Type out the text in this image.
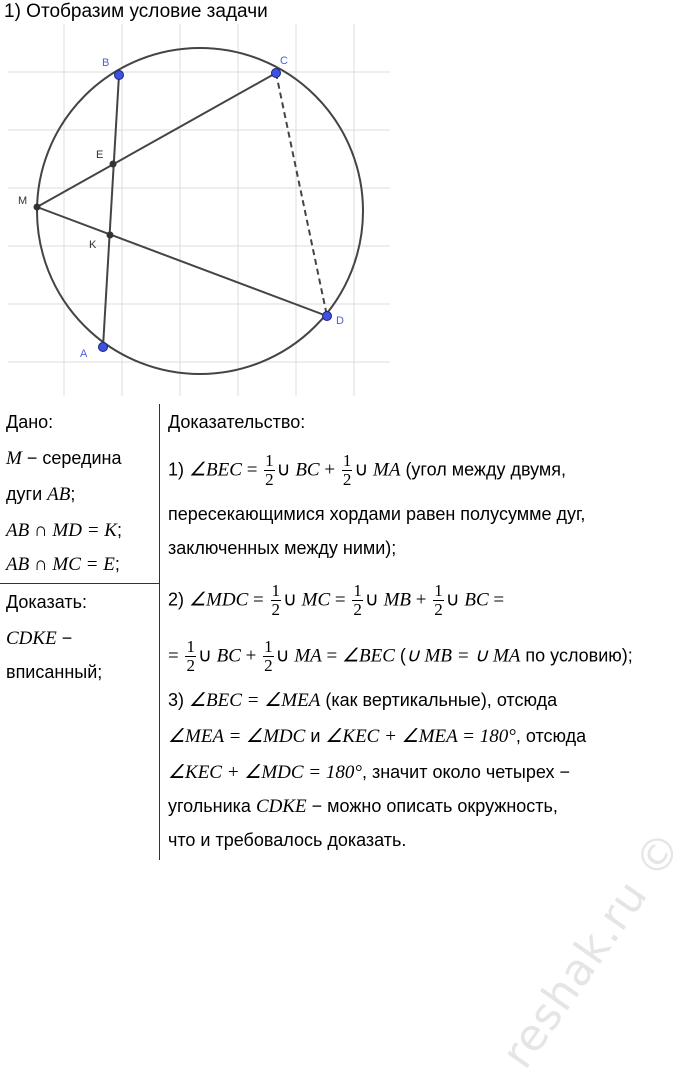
1) Отобразим условие задачи
B	C
D
A
M
E
K
Дано:
M − середина
дуги AB;
AB ∩ MD = K;
AB ∩ MC = E;
Доказать:
CDKE −
вписанный;
Доказательство:
1) ∠BEC = $\frac{1}{2}$ ∪ BC + $\frac{1}{2}$ ∪ MA (угол между двумя,
пересекающимися хордами равен полусумме дуг,
заключенных между ними);
2) ∠MDC = $\frac{1}{2}$ ∪ MC = $\frac{1}{2}$ ∪ MB + $\frac{1}{2}$ ∪ BC =
= $\frac{1}{2}$ ∪ BC + $\frac{1}{2}$ ∪ MA = ∠BEC (∪ MB = ∪ MA по условию);
3) ∠BEC = ∠MEA (как вертикальные), отсюда
∠MEA = ∠MDC и ∠KEC + ∠MEA = 180°, отсюда
∠KEC + ∠MDC = 180°, значит около четырех −
угольника CDKE − можно описать окружность,
что и требовалось доказать. reshak.ru ©
